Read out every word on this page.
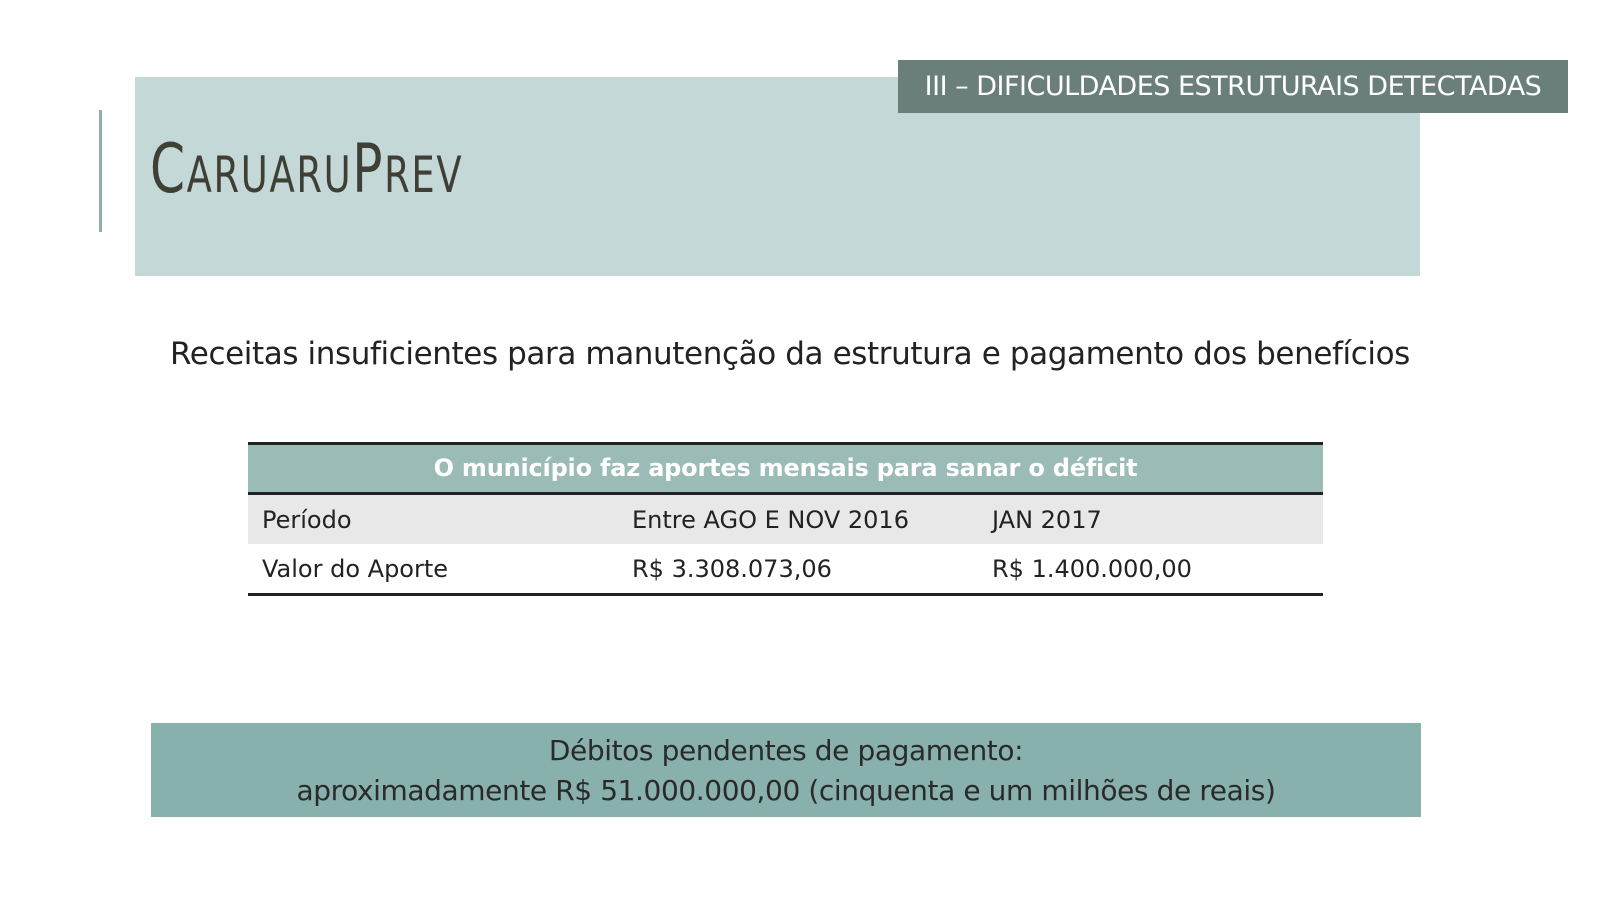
CARUARUPREV
III – DIFICULDADES ESTRUTURAIS DETECTADAS
Receitas insuficientes para manutenção da estrutura e pagamento dos benefícios
O município faz aportes mensais para sanar o déficit
Período	Entre AGO E NOV 2016	JAN 2017
Valor do Aporte	R$ 3.308.073,06	R$ 1.400.000,00
Débitos pendentes de pagamento:
aproximadamente R$ 51.000.000,00 (cinquenta e um milhões de reais)
